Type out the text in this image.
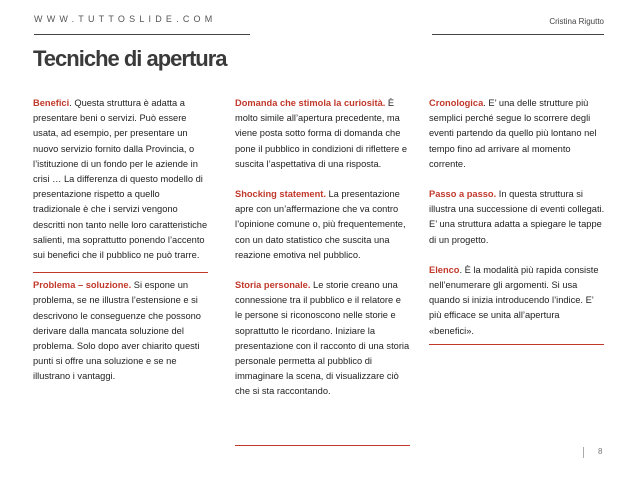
WWW.TUTTOSLIDE.COM	Cristina Rigutto
Tecniche di apertura

Benefici. Questa struttura è adatta a presentare beni o servizi. Può essere usata, ad esempio, per presentare un nuovo servizio fornito dalla Provincia, o l’istituzione di un fondo per le aziende in crisi … La differenza di questo modello di presentazione rispetto a quello tradizionale è che i servizi vengono descritti non tanto nelle loro caratteristiche salienti, ma soprattutto ponendo l’accento sui benefici che il pubblico ne può trarre.

Problema – soluzione. Si espone un problema, se ne illustra l’estensione e si descrivono le conseguenze che possono derivare dalla mancata soluzione del problema. Solo dopo aver chiarito questi punti si offre una soluzione e se ne illustrano i vantaggi.

Domanda che stimola la curiosità. È molto simile all’apertura precedente, ma viene posta sotto forma di domanda che pone il pubblico in condizioni di riflettere e suscita l’aspettativa di una risposta.

Shocking statement. La presentazione apre con un’affermazione che va contro l’opinione comune o, più frequentemente, con un dato statistico che suscita una reazione emotiva nel pubblico.

Storia personale. Le storie creano una connessione tra il pubblico e il relatore e le persone si riconoscono nelle storie e soprattutto le ricordano. Iniziare la presentazione con il racconto di una storia personale permetta al pubblico di immaginare la scena, di visualizzare ciò che si sta raccontando.

Cronologica. E’ una delle strutture più semplici perché segue lo scorrere degli eventi partendo da quello più lontano nel tempo fino ad arrivare al momento corrente.

Passo a passo. In questa struttura si illustra una successione di eventi collegati. E’ una struttura adatta a spiegare le tappe di un progetto.

Elenco. È la modalità più rapida consiste nell’enumerare gli argomenti. Si usa quando si inizia introducendo l’indice. E’ più efficace se unita all’apertura «benefici».

8
